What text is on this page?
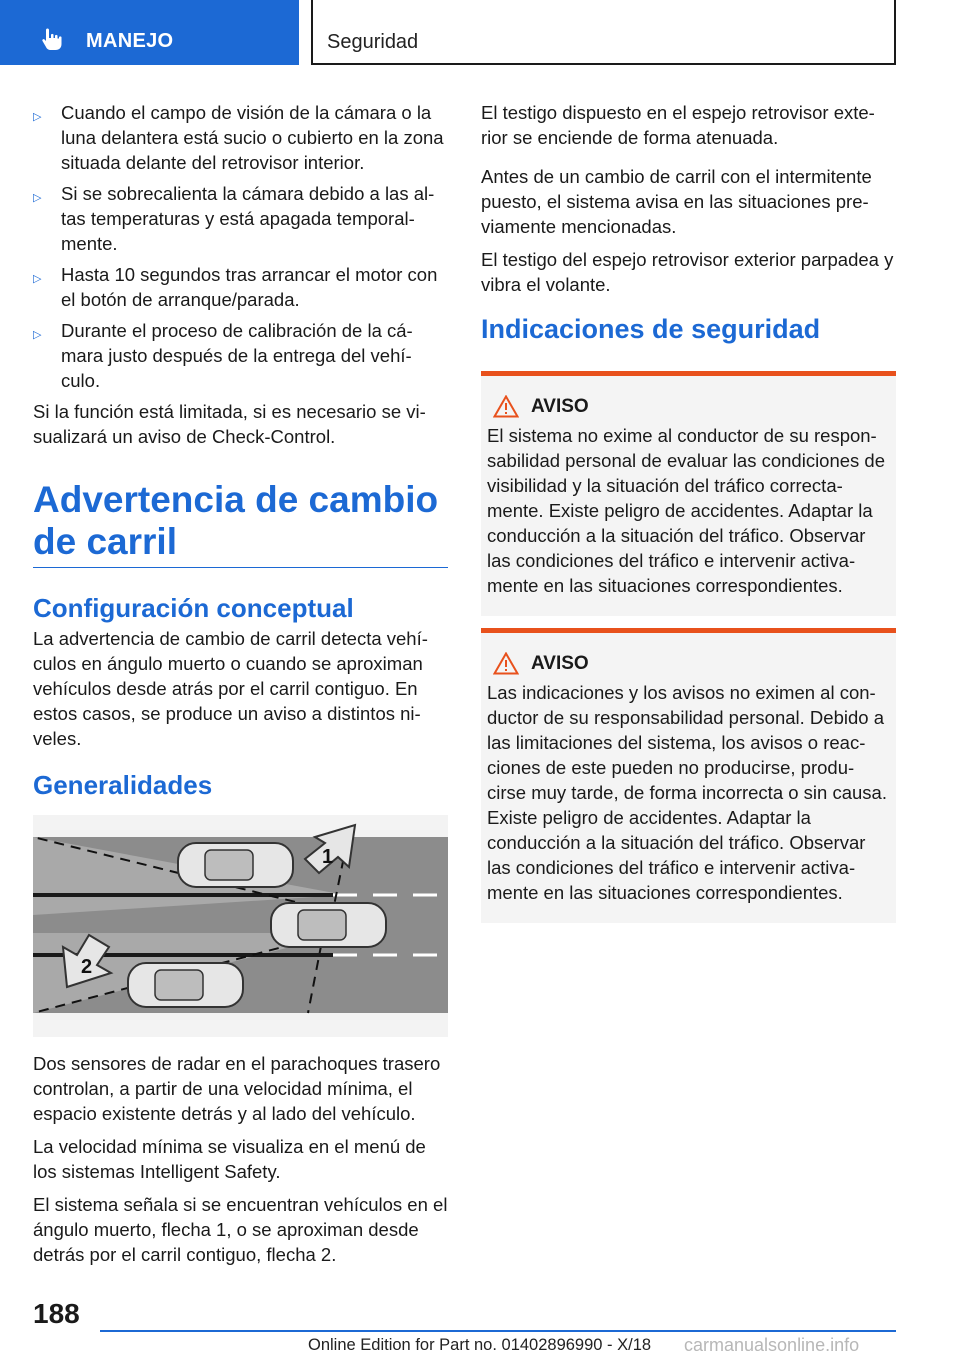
MANEJO	Seguridad
▷	Cuando el campo de visión de la cámara o la luna delantera está sucio o cubierto en la zona situada delante del retrovisor interior.
▷	Si se sobrecalienta la cámara debido a las al‐ tas temperaturas y está apagada temporal‐ mente.
▷	Hasta 10 segundos tras arrancar el motor con el botón de arranque/parada.
▷	Durante el proceso de calibración de la cá‐ mara justo después de la entrega del vehí‐ culo.

Si la función está limitada, si es necesario se vi‐ sualizará un aviso de Check-Control.

Advertencia de cambio de carril
Configuración conceptual

La advertencia de cambio de carril detecta vehí‐ culos en ángulo muerto o cuando se aproximan vehículos desde atrás por el carril contiguo. En estos casos, se produce un aviso a distintos ni‐ veles.

Generalidades
1
2

Dos sensores de radar en el parachoques trasero controlan, a partir de una velocidad mínima, el espacio existente detrás y al lado del vehículo.

La velocidad mínima se visualiza en el menú de los sistemas Intelligent Safety.

El sistema señala si se encuentran vehículos en el ángulo muerto, flecha 1, o se aproximan desde detrás por el carril contiguo, flecha 2.

El testigo dispuesto en el espejo retrovisor exte‐ rior se enciende de forma atenuada.

Antes de un cambio de carril con el intermitente puesto, el sistema avisa en las situaciones pre‐ viamente mencionadas.

El testigo del espejo retrovisor exterior parpadea y vibra el volante.

Indicaciones de seguridad
AVISO

El sistema no exime al conductor de su respon‐ sabilidad personal de evaluar las condiciones de visibilidad y la situación del tráfico correcta‐ mente. Existe peligro de accidentes. Adaptar la conducción a la situación del tráfico. Observar las condiciones del tráfico e intervenir activa‐ mente en las situaciones correspondientes.

AVISO

Las indicaciones y los avisos no eximen al con‐ ductor de su responsabilidad personal. Debido a las limitaciones del sistema, los avisos o reac‐ ciones de este pueden no producirse, produ‐ cirse muy tarde, de forma incorrecta o sin causa. Existe peligro de accidentes. Adaptar la conducción a la situación del tráfico. Observar las condiciones del tráfico e intervenir activa‐ mente en las situaciones correspondientes.

188
Online Edition for Part no. 01402896990 - X/18 carmanualsonline.info
